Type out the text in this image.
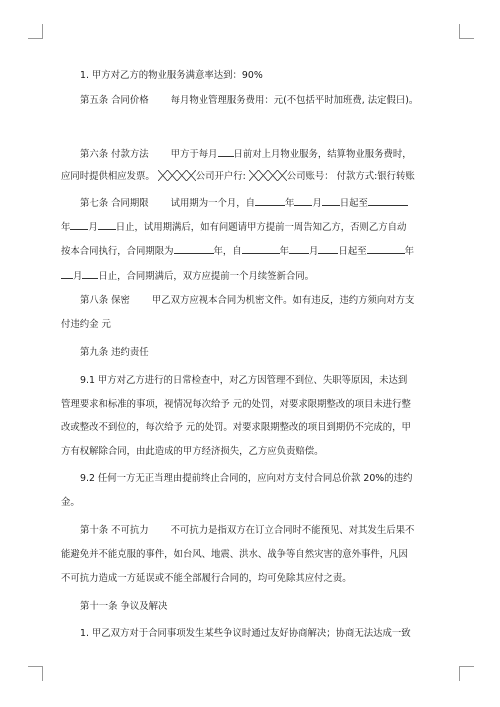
1. 甲方对乙方的物业服务满意率达到：90%
第五条 合同价格 每月物业管理服务费用：元(不包括平时加班费, 法定假曰)。
第六条 付款方法 甲方于每月 日前对上月物业服务，结算物业服务费时，
应同时提供相应发票。	公司开户行:	公司账号： 付款方式:银行转账
第七条 合同期限 试用期为一个月，自	年 月 日起至
年 月 日止，试用期满后，如有问题请甲方提前一周告知乙方，否则乙方自动
按本合同执行，合同期限为	年，自	年 月 日起至	年
月 日止，合同期满后，双方应提前一个月续签新合同。
第八条 保密 甲乙双方应视本合同为机密文件。如有违反，违约方须向对方支
付违约金 元
第九条 违约责任
9.1 甲方对乙方进行的日常检查中，对乙方因管理不到位、失职等原因，未达到
管理要求和标准的事项，视情况每次给予 元的处罚，对要求限期整改的项目未进行整
改或整改不到位的，每次给予 元的处罚。对要求限期整改的项目到期仍不完成的，甲
方有权解除合同，由此造成的甲方经济损失，乙方应负责赔偿。
9.2 任何一方无正当理由提前终止合同的，应向对方支付合同总价款 20%的违约
金。
第十条 不可抗力 不可抗力是指双方在订立合同时不能预见、对其发生后果不
能避免并不能克服的事件，如台风、地震、洪水、战争等自然灾害的意外事件，凡因
不可抗力造成一方延误或不能全部履行合同的，均可免除其应付之责。
第十一条 争议及解决
1. 甲乙双方对于合同事项发生某些争议时通过友好协商解决；协商无法达成一致
